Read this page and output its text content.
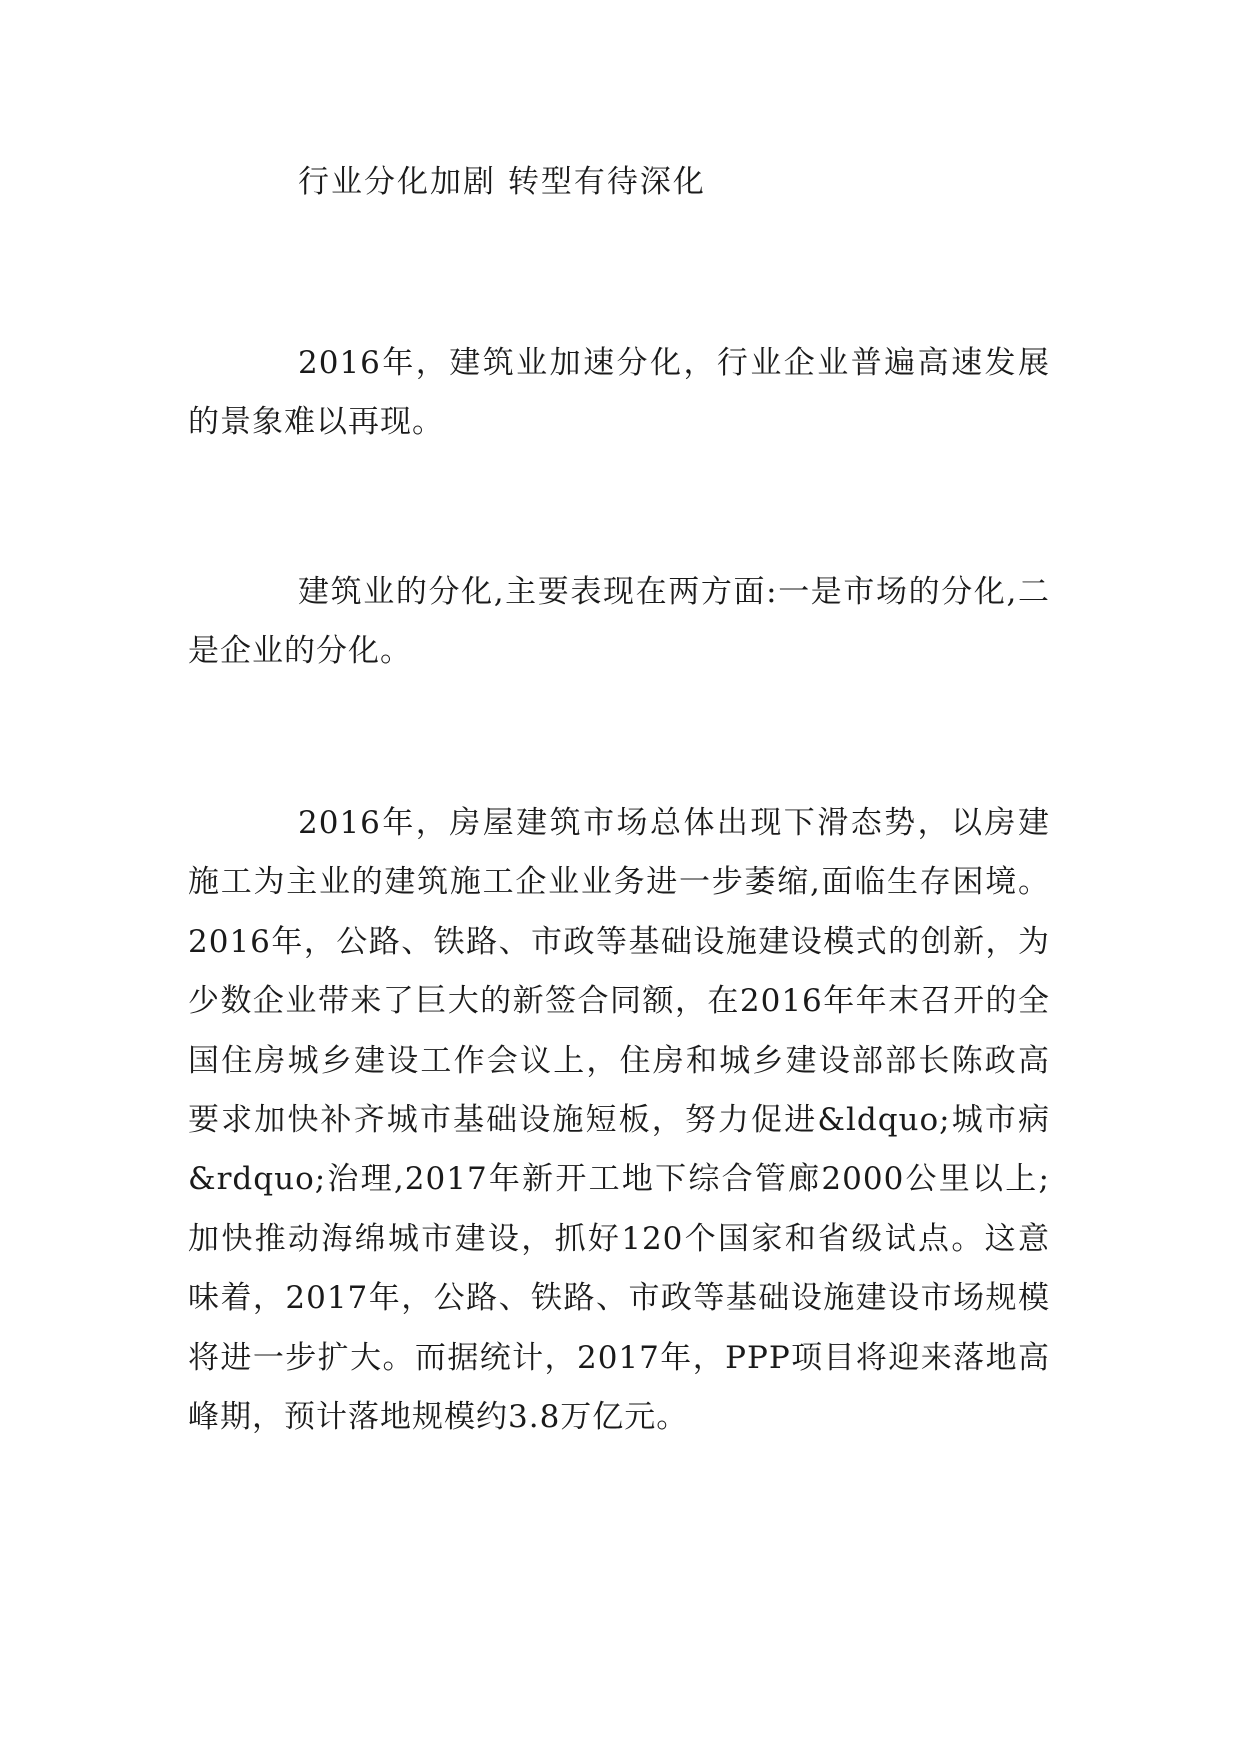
行业分化加剧 转型有待深化

2016年，建筑业加速分化，行业企业普遍高速发展的景象难以再现。

建筑业的分化,主要表现在两方面:一是市场的分化,二是企业的分化。

2016年，房屋建筑市场总体出现下滑态势，以房建施工为主业的建筑施工企业业务进一步萎缩,面临生存困境。2016年，公路、铁路、市政等基础设施建设模式的创新，为少数企业带来了巨大的新签合同额，在2016年年末召开的全国住房城乡建设工作会议上，住房和城乡建设部部长陈政高要求加快补齐城市基础设施短板，努力促进&ldquo;城市病&rdquo;治理,2017年新开工地下综合管廊2000公里以上;加快推动海绵城市建设，抓好120个国家和省级试点。这意味着，2017年，公路、铁路、市政等基础设施建设市场规模将进一步扩大。而据统计，2017年，PPP项目将迎来落地高峰期，预计落地规模约3.8万亿元。
